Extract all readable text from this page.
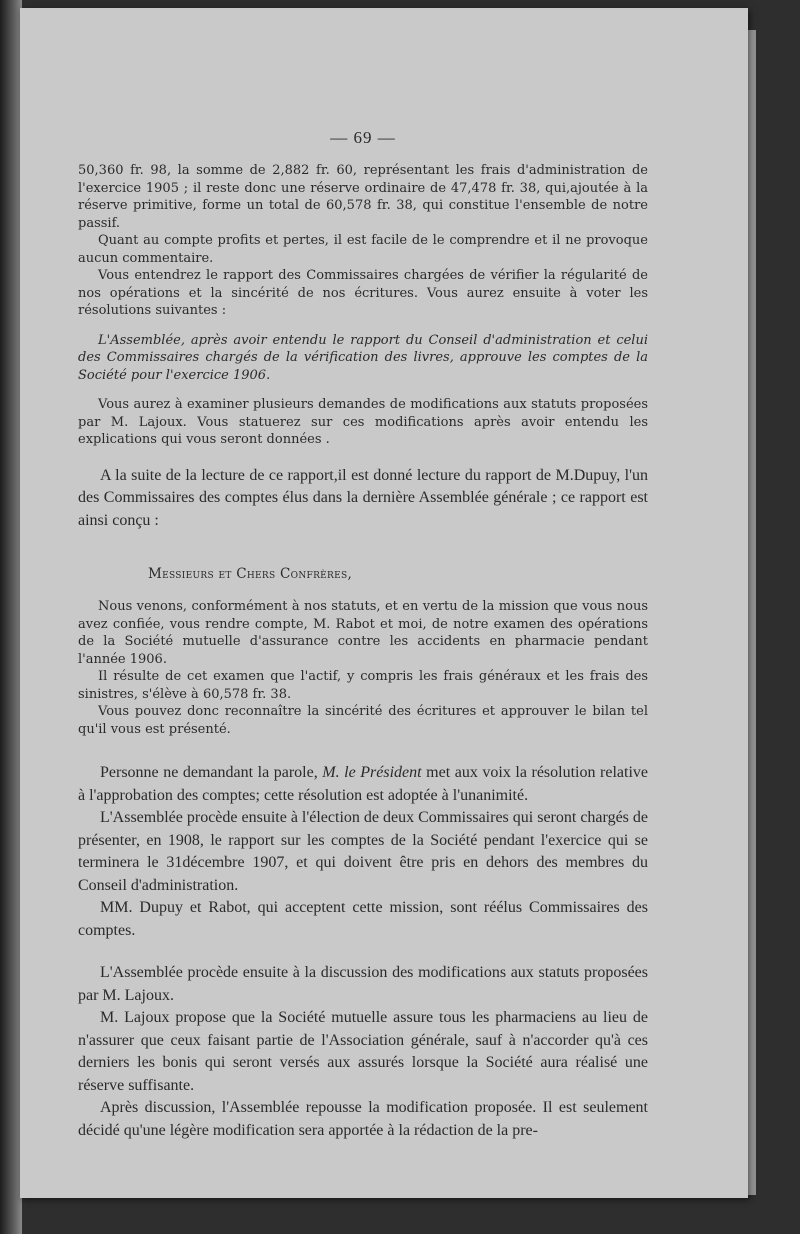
— 69 —

50,360 fr. 98, la somme de 2,882 fr. 60, représentant les frais d'administration de l'exercice 1905 ; il reste donc une réserve ordinaire de 47,478 fr. 38, qui,ajoutée à la réserve primitive, forme un total de 60,578 fr. 38, qui constitue l'ensemble de notre passif.

Quant au compte profits et pertes, il est facile de le comprendre et il ne provoque aucun commentaire.

Vous entendrez le rapport des Commissaires chargées de vérifier la régularité de nos opérations et la sincérité de nos écritures. Vous aurez ensuite à voter les résolutions suivantes :

L'Assemblée, après avoir entendu le rapport du Conseil d'administration et celui des Commissaires chargés de la vérification des livres, approuve les comptes de la Société pour l'exercice 1906.

Vous aurez à examiner plusieurs demandes de modifications aux statuts proposées par M. Lajoux. Vous statuerez sur ces modifications après avoir entendu les explications qui vous seront données .

A la suite de la lecture de ce rapport,il est donné lecture du rapport de M.Dupuy, l'un des Commissaires des comptes élus dans la dernière Assemblée générale ; ce rapport est ainsi conçu :

Messieurs et Chers Confrères,

Nous venons, conformément à nos statuts, et en vertu de la mission que vous nous avez confiée, vous rendre compte, M. Rabot et moi, de notre examen des opérations de la Société mutuelle d'assurance contre les accidents en pharmacie pendant l'année 1906.

Il résulte de cet examen que l'actif, y compris les frais généraux et les frais des sinistres, s'élève à 60,578 fr. 38.

Vous pouvez donc reconnaître la sincérité des écritures et approuver le bilan tel qu'il vous est présenté.

Personne ne demandant la parole, M. le Président met aux voix la résolution relative à l'approbation des comptes; cette résolution est adoptée à l'unanimité.

L'Assemblée procède ensuite à l'élection de deux Commissaires qui seront chargés de présenter, en 1908, le rapport sur les comptes de la Société pendant l'exercice qui se terminera le 31décembre 1907, et qui doivent être pris en dehors des membres du Conseil d'administration.

MM. Dupuy et Rabot, qui acceptent cette mission, sont réélus Commissaires des comptes.

L'Assemblée procède ensuite à la discussion des modifications aux statuts proposées par M. Lajoux.

M. Lajoux propose que la Société mutuelle assure tous les pharmaciens au lieu de n'assurer que ceux faisant partie de l'Association générale, sauf à n'accorder qu'à ces derniers les bonis qui seront versés aux assurés lorsque la Société aura réalisé une réserve suffisante.

Après discussion, l'Assemblée repousse la modification proposée. Il est seulement décidé qu'une légère modification sera apportée à la rédaction de la pre-
